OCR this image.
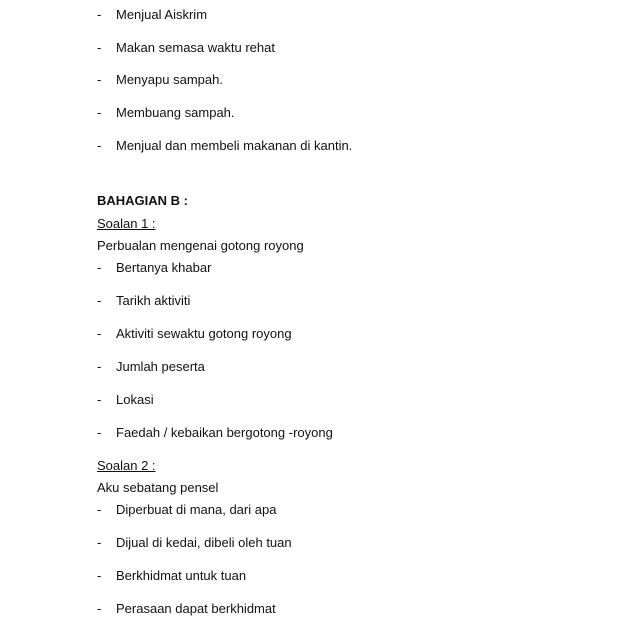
- Menjual Aiskrim
- Makan semasa waktu rehat
- Menyapu sampah.
- Membuang sampah.
- Menjual dan membeli makanan di kantin.
BAHAGIAN B :
Soalan 1 :
Perbualan mengenai gotong royong
- Bertanya khabar
- Tarikh aktiviti
- Aktiviti sewaktu gotong royong
- Jumlah peserta
- Lokasi
- Faedah / kebaikan bergotong -royong
Soalan 2 :
Aku sebatang pensel
- Diperbuat di mana, dari apa
- Dijual di kedai, dibeli oleh tuan
- Berkhidmat untuk tuan
- Perasaan dapat berkhidmat
